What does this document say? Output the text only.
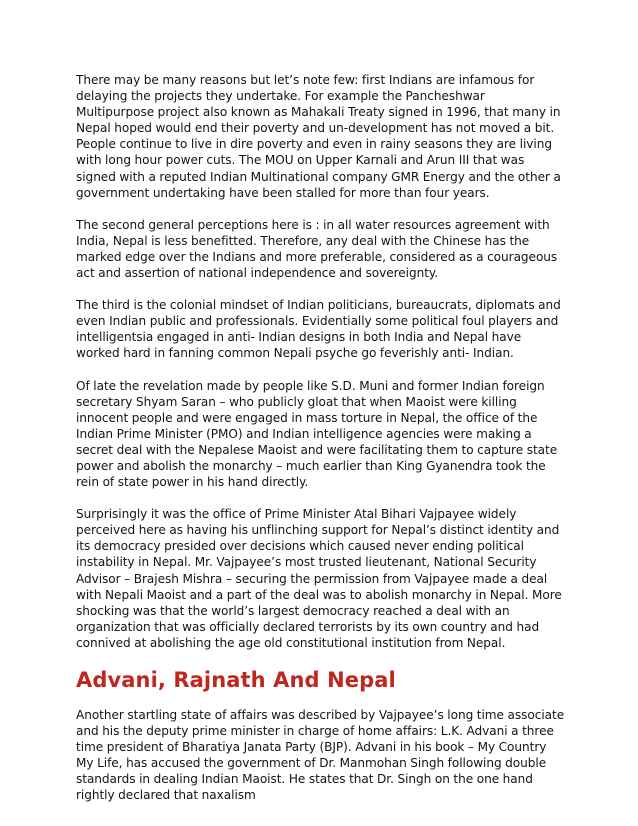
There may be many reasons but let’s note few: first Indians are infamous for delaying the projects they undertake. For example the Pancheshwar Multipurpose project also known as Mahakali Treaty signed in 1996, that many in Nepal hoped would end their poverty and un-development has not moved a bit. People continue to live in dire poverty and even in rainy seasons they are living with long hour power cuts. The MOU on Upper Karnali and Arun III that was signed with a reputed Indian Multinational company GMR Energy and the other a government undertaking have been stalled for more than four years.

The second general perceptions here is : in all water resources agreement with India, Nepal is less benefitted. Therefore, any deal with the Chinese has the marked edge over the Indians and more preferable, considered as a courageous act and assertion of national independence and sovereignty.

The third is the colonial mindset of Indian politicians, bureaucrats, diplomats and even Indian public and professionals. Evidentially some political foul players and intelligentsia engaged in anti- Indian designs in both India and Nepal have worked hard in fanning common Nepali psyche go feverishly anti- Indian.

Of late the revelation made by people like S.D. Muni and former Indian foreign secretary Shyam Saran – who publicly gloat that when Maoist were killing innocent people and were engaged in mass torture in Nepal, the office of the Indian Prime Minister (PMO) and Indian intelligence agencies were making a secret deal with the Nepalese Maoist and were facilitating them to capture state power and abolish the monarchy – much earlier than King Gyanendra took the rein of state power in his hand directly.

Surprisingly it was the office of Prime Minister Atal Bihari Vajpayee widely perceived here as having his unflinching support for Nepal’s distinct identity and its democracy presided over decisions which caused never ending political instability in Nepal. Mr. Vajpayee’s most trusted lieutenant, National Security Advisor – Brajesh Mishra – securing the permission from Vajpayee made a deal with Nepali Maoist and a part of the deal was to abolish monarchy in Nepal. More shocking was that the world’s largest democracy reached a deal with an organization that was officially declared terrorists by its own country and had connived at abolishing the age old constitutional institution from Nepal.

Advani, Rajnath And Nepal

Another startling state of affairs was described by Vajpayee’s long time associate and his the deputy prime minister in charge of home affairs: L.K. Advani a three time president of Bharatiya Janata Party (BJP). Advani in his book – My Country My Life, has accused the government of Dr. Manmohan Singh following double standards in dealing Indian Maoist. He states that Dr. Singh on the one hand rightly declared that naxalism
